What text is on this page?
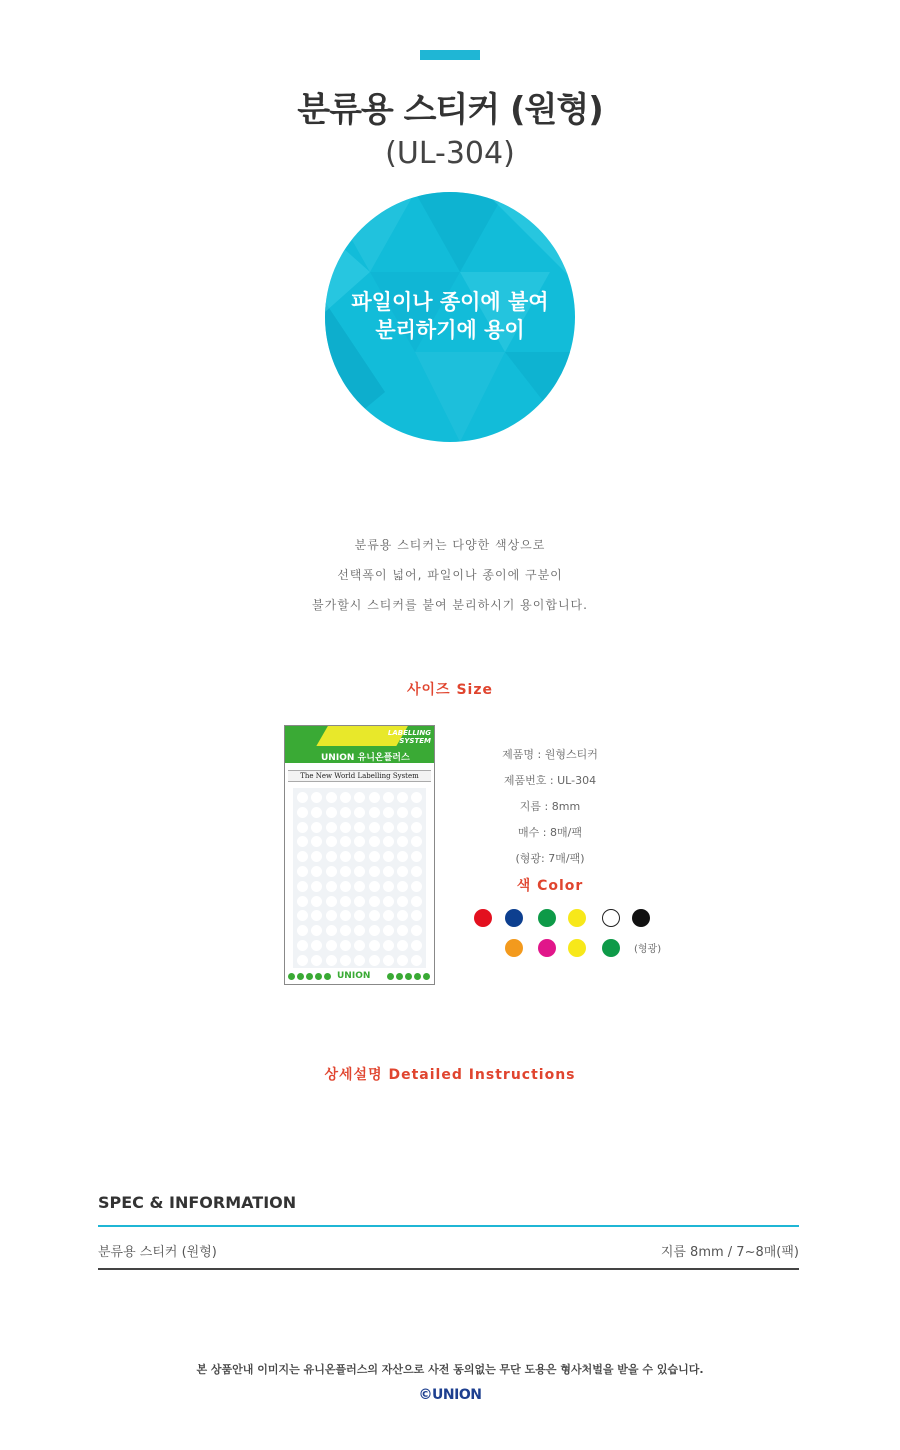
분류용 스티커 (원형)
(UL-304)
파일이나 종이에 붙여
분리하기에 용이
분류용 스티커는 다양한 색상으로
선택폭이 넓어, 파일이나 종이에 구분이
불가할시 스티커를 붙여 분리하시기 용이합니다.
사이즈 Size
UNION 유니온플러스
LABELLING SYSTEM
The New World Labelling System
UNION
제품명 : 원형스티커
제품번호 : UL-304
지름 : 8mm
매수 : 8매/팩
(형광: 7매/팩)
색 Color
(형광)
상세설명 Detailed Instructions
SPEC & INFORMATION
분류용 스티커 (원형)	지름 8mm / 7~8매(팩)
본 상품안내 이미지는 유니온플러스의 자산으로 사전 동의없는 무단 도용은 형사처벌을 받을 수 있습니다.
©UNION
